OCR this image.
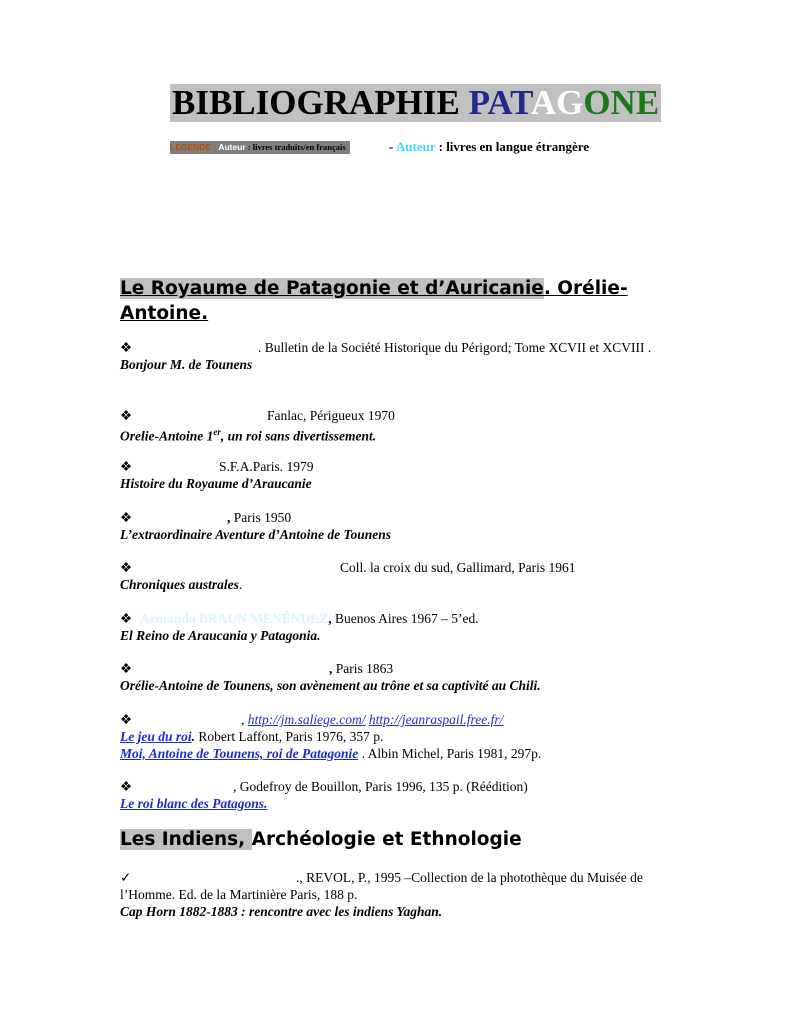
BIBLIOGRAPHIE PATAGONE
LEGENDE : Auteur : livres traduits/en français	- Auteur : livres en langue étrangère
Le Royaume de Patagonie et d’Auricanie. Orélie-Antoine.
❖	. Bulletin de la Société Historique du Périgord; Tome XCVII et XCVIII .
Bonjour M. de Tounens
❖	Fanlac, Périgueux 1970
Orelie-Antoine 1er, un roi sans divertissement.
❖	S.F.A.Paris. 1979
Histoire du Royaume d’Araucanie
❖	, Paris 1950
L’extraordinaire Aventure d’Antoine de Tounens
❖	Coll. la croix du sud, Gallimard, Paris 1961
Chroniques australes.
❖ Armando BRAUN MENÉNDEZ, Buenos Aires 1967 – 5’ed.
El Reino de Araucania y Patagonia.
❖	, Paris 1863
Orélie-Antoine de Tounens, son avènement au trône et sa captivité au Chili.
❖	, http://jm.saliege.com/ http://jeanraspail.free.fr/
Le jeu du roi. Robert Laffont, Paris 1976, 357 p.
Moi, Antoine de Tounens, roi de Patagonie . Albin Michel, Paris 1981, 297p.
❖	, Godefroy de Bouillon, Paris 1996, 135 p. (Réédition)
Le roi blanc des Patagons.
Les Indiens, Archéologie et Ethnologie
✓	., REVOL, P., 1995 –Collection de la photothèque du Muisée de l’Homme. Ed. de la Martinière Paris, 188 p.
Cap Horn 1882-1883 : rencontre avec les indiens Yaghan.
